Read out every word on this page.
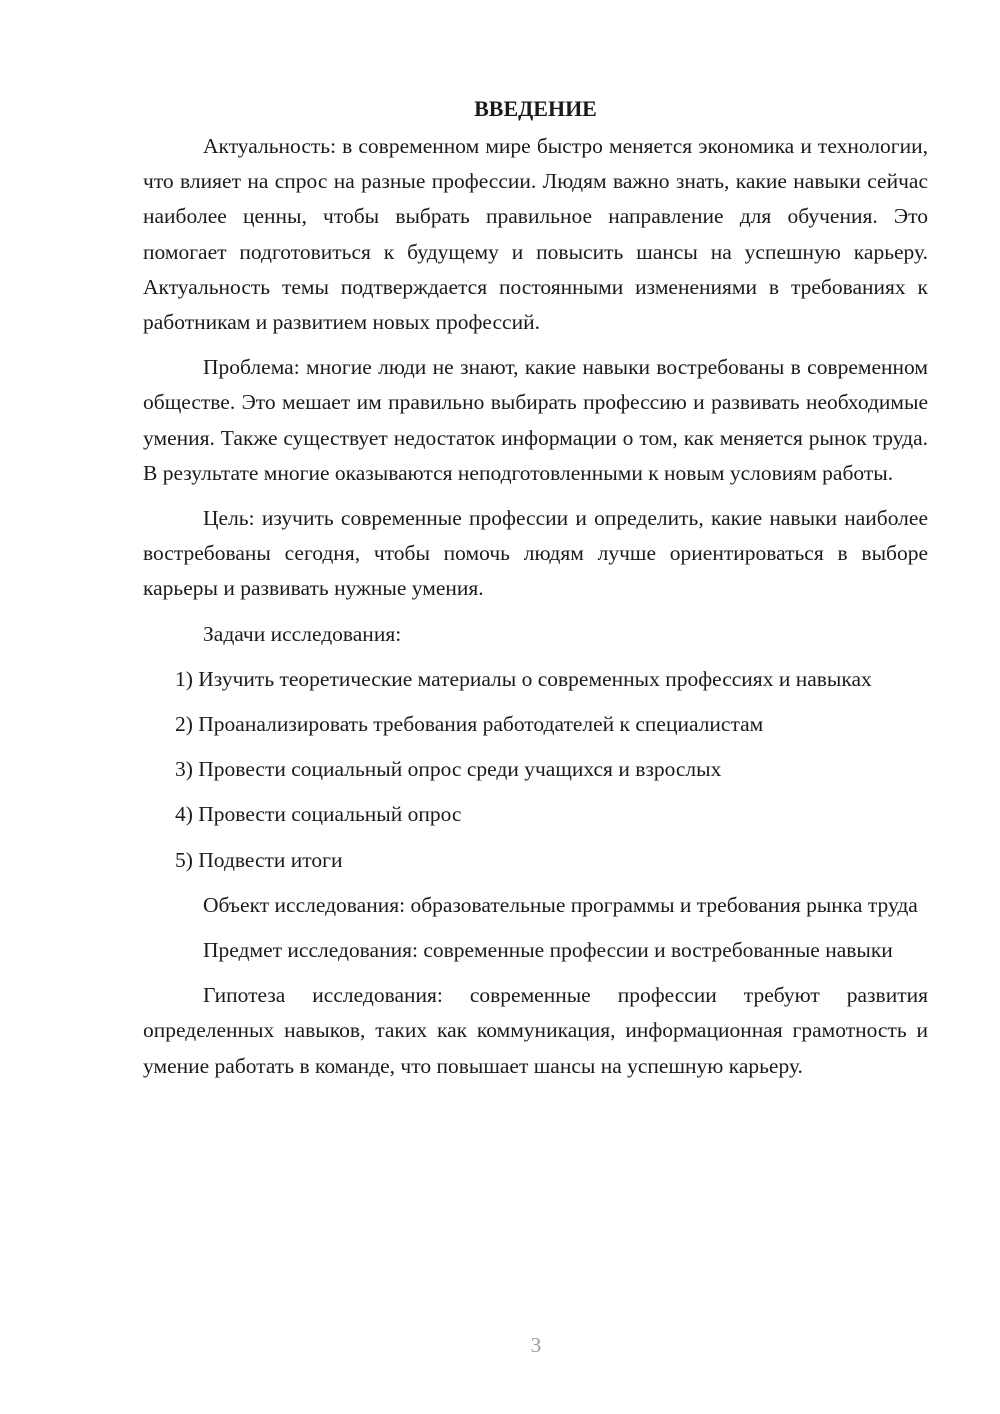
ВВЕДЕНИЕ

Актуальность: в современном мире быстро меняется экономика и технологии, что влияет на спрос на разные профессии. Людям важно знать, какие навыки сейчас наиболее ценны, чтобы выбрать правильное направление для обучения. Это помогает подготовиться к будущему и повысить шансы на успешную карьеру. Актуальность темы подтверждается постоянными изменениями в требованиях к работникам и развитием новых профессий.

Проблема: многие люди не знают, какие навыки востребованы в современном обществе. Это мешает им правильно выбирать профессию и развивать необходимые умения. Также существует недостаток информации о том, как меняется рынок труда. В результате многие оказываются неподготовленными к новым условиям работы.

Цель: изучить современные профессии и определить, какие навыки наиболее востребованы сегодня, чтобы помочь людям лучше ориентироваться в выборе карьеры и развивать нужные умения.

Задачи исследования:

1) Изучить теоретические материалы о современных профессиях и навыках

2) Проанализировать требования работодателей к специалистам

3) Провести социальный опрос среди учащихся и взрослых

4) Провести социальный опрос

5) Подвести итоги

Объект исследования: образовательные программы и требования рынка труда

Предмет исследования: современные профессии и востребованные навыки

Гипотеза исследования: современные профессии требуют развития определенных навыков, таких как коммуникация, информационная грамотность и умение работать в команде, что повышает шансы на успешную карьеру.

3
